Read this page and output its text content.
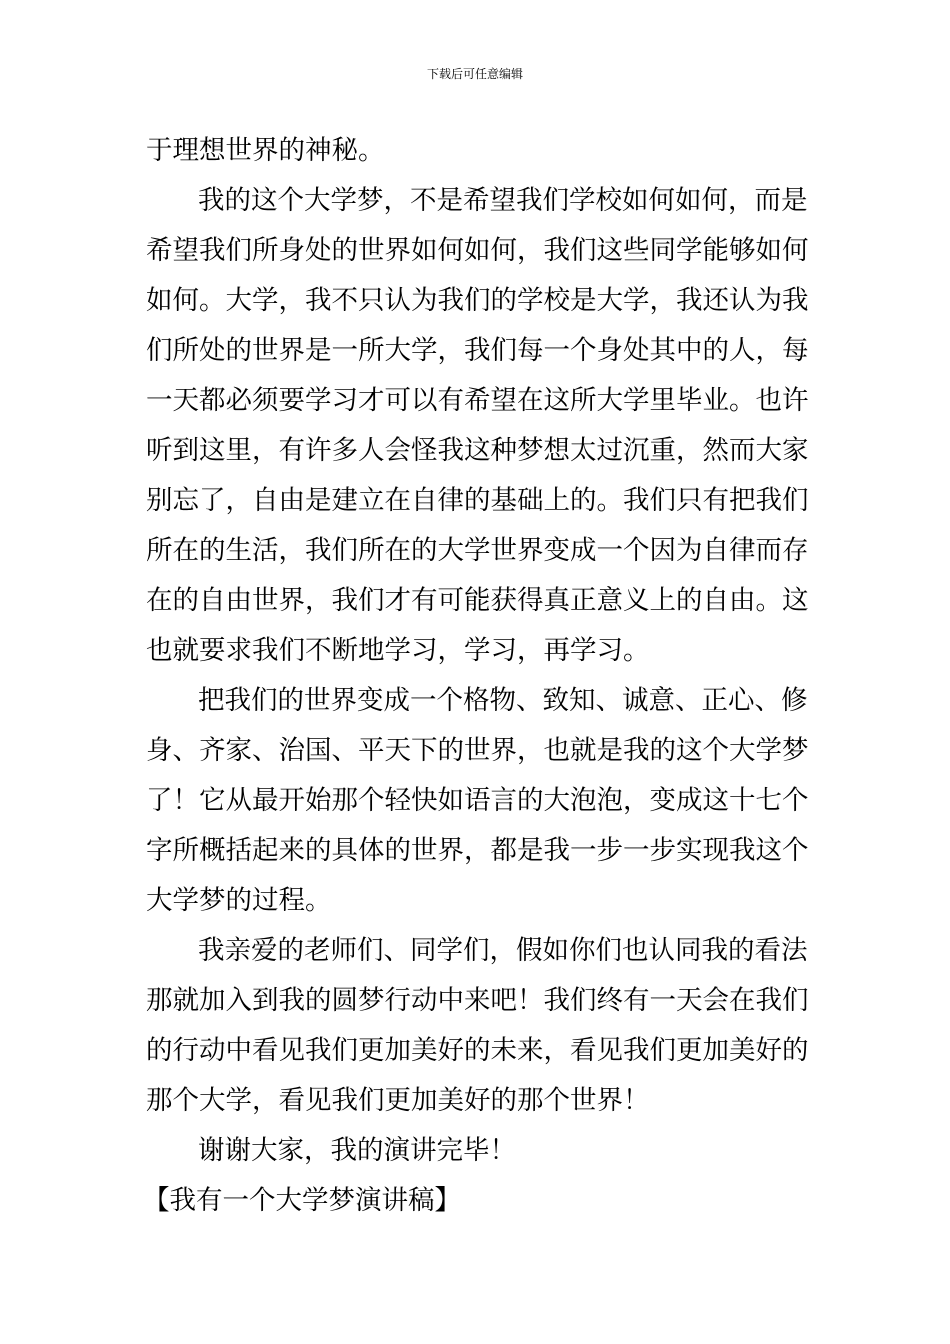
下载后可任意编辑
于理想世界的神秘。
我的这个大学梦，不是希望我们学校如何如何，而是
希望我们所身处的世界如何如何，我们这些同学能够如何
如何。大学，我不只认为我们的学校是大学，我还认为我
们所处的世界是一所大学，我们每一个身处其中的人，每
一天都必须要学习才可以有希望在这所大学里毕业。也许
听到这里，有许多人会怪我这种梦想太过沉重，然而大家
别忘了，自由是建立在自律的基础上的。我们只有把我们
所在的生活，我们所在的大学世界变成一个因为自律而存
在的自由世界，我们才有可能获得真正意义上的自由。这
也就要求我们不断地学习，学习，再学习。
把我们的世界变成一个格物、致知、诚意、正心、修
身、齐家、治国、平天下的世界，也就是我的这个大学梦
了！它从最开始那个轻快如语言的大泡泡，变成这十七个
字所概括起来的具体的世界，都是我一步一步实现我这个
大学梦的过程。
我亲爱的老师们、同学们，假如你们也认同我的看法
那就加入到我的圆梦行动中来吧！我们终有一天会在我们
的行动中看见我们更加美好的未来，看见我们更加美好的
那个大学，看见我们更加美好的那个世界！
谢谢大家，我的演讲完毕！
【我有一个大学梦演讲稿】
